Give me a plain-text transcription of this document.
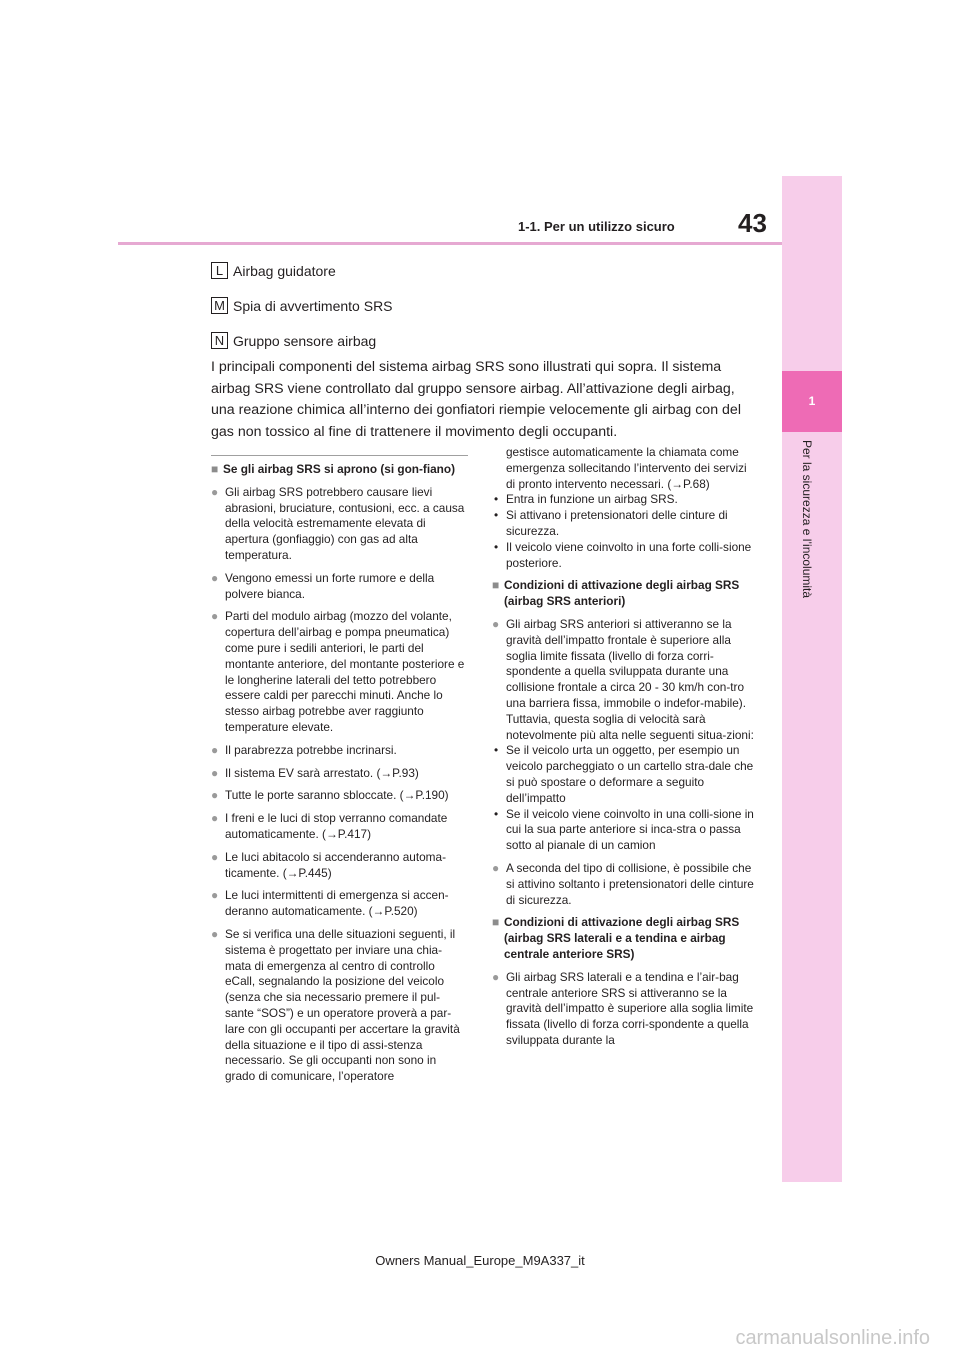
43
1-1. Per un utilizzo sicuro
1
Per la sicurezza e l’incolumità
L Airbag guidatore
M Spia di avvertimento SRS
N Gruppo sensore airbag
I principali componenti del sistema airbag SRS sono illustrati qui sopra. Il sistema airbag SRS viene controllato dal gruppo sensore airbag. All’attivazione degli airbag, una reazione chimica all’interno dei gonfiatori riempie velocemente gli airbag con del gas non tossico al fine di trattenere il movimento degli occupanti.

■ Se gli airbag SRS si aprono (si gon-fiano)

● Gli airbag SRS potrebbero causare lievi abrasioni, bruciature, contusioni, ecc. a causa della velocità estremamente elevata di apertura (gonfiaggio) con gas ad alta temperatura.

● Vengono emessi un forte rumore e della polvere bianca.

● Parti del modulo airbag (mozzo del volante, copertura dell’airbag e pompa pneumatica) come pure i sedili anteriori, le parti del montante anteriore, del montante posteriore e le longherine laterali del tetto potrebbero essere caldi per parecchi minuti. Anche lo stesso airbag potrebbe aver raggiunto temperature elevate.

● Il parabrezza potrebbe incrinarsi.

● Il sistema EV sarà arrestato. (→P.93)

● Tutte le porte saranno sbloccate. (→P.190)

● I freni e le luci di stop verranno comandate automaticamente. (→P.417)

● Le luci abitacolo si accenderanno automa-ticamente. (→P.445)

● Le luci intermittenti di emergenza si accen-deranno automaticamente. (→P.520)

● Se si verifica una delle situazioni seguenti, il sistema è progettato per inviare una chia-mata di emergenza al centro di controllo eCall, segnalando la posizione del veicolo (senza che sia necessario premere il pul-sante “SOS”) e un operatore proverà a par-lare con gli occupanti per accertare la gravità della situazione e il tipo di assi-stenza necessario. Se gli occupanti non sono in grado di comunicare, l’operatore

gestisce automaticamente la chiamata come emergenza sollecitando l’intervento dei servizi di pronto intervento necessari. (→P.68)

• Entra in funzione un airbag SRS.
• Si attivano i pretensionatori delle cinture di sicurezza.
• Il veicolo viene coinvolto in una forte colli-sione posteriore.

■ Condizioni di attivazione degli airbag SRS (airbag SRS anteriori)

● Gli airbag SRS anteriori si attiveranno se la gravità dell’impatto frontale è superiore alla soglia limite fissata (livello di forza corri-spondente a quella sviluppata durante una collisione frontale a circa 20 - 30 km/h con-tro una barriera fissa, immobile o indefor-mabile).

Tuttavia, questa soglia di velocità sarà notevolmente più alta nelle seguenti situa-zioni:

• Se il veicolo urta un oggetto, per esempio un veicolo parcheggiato o un cartello stra-dale che si può spostare o deformare a seguito dell’impatto
• Se il veicolo viene coinvolto in una colli-sione in cui la sua parte anteriore si inca-stra o passa sotto al pianale di un camion

● A seconda del tipo di collisione, è possibile che si attivino soltanto i pretensionatori delle cinture di sicurezza.

■ Condizioni di attivazione degli airbag SRS (airbag SRS laterali e a tendina e airbag centrale anteriore SRS)

● Gli airbag SRS laterali e a tendina e l’air-bag centrale anteriore SRS si attiveranno se la gravità dell’impatto è superiore alla soglia limite fissata (livello di forza corri-spondente a quella sviluppata durante la

Owners Manual_Europe_M9A337_it
carmanualsonline.info
